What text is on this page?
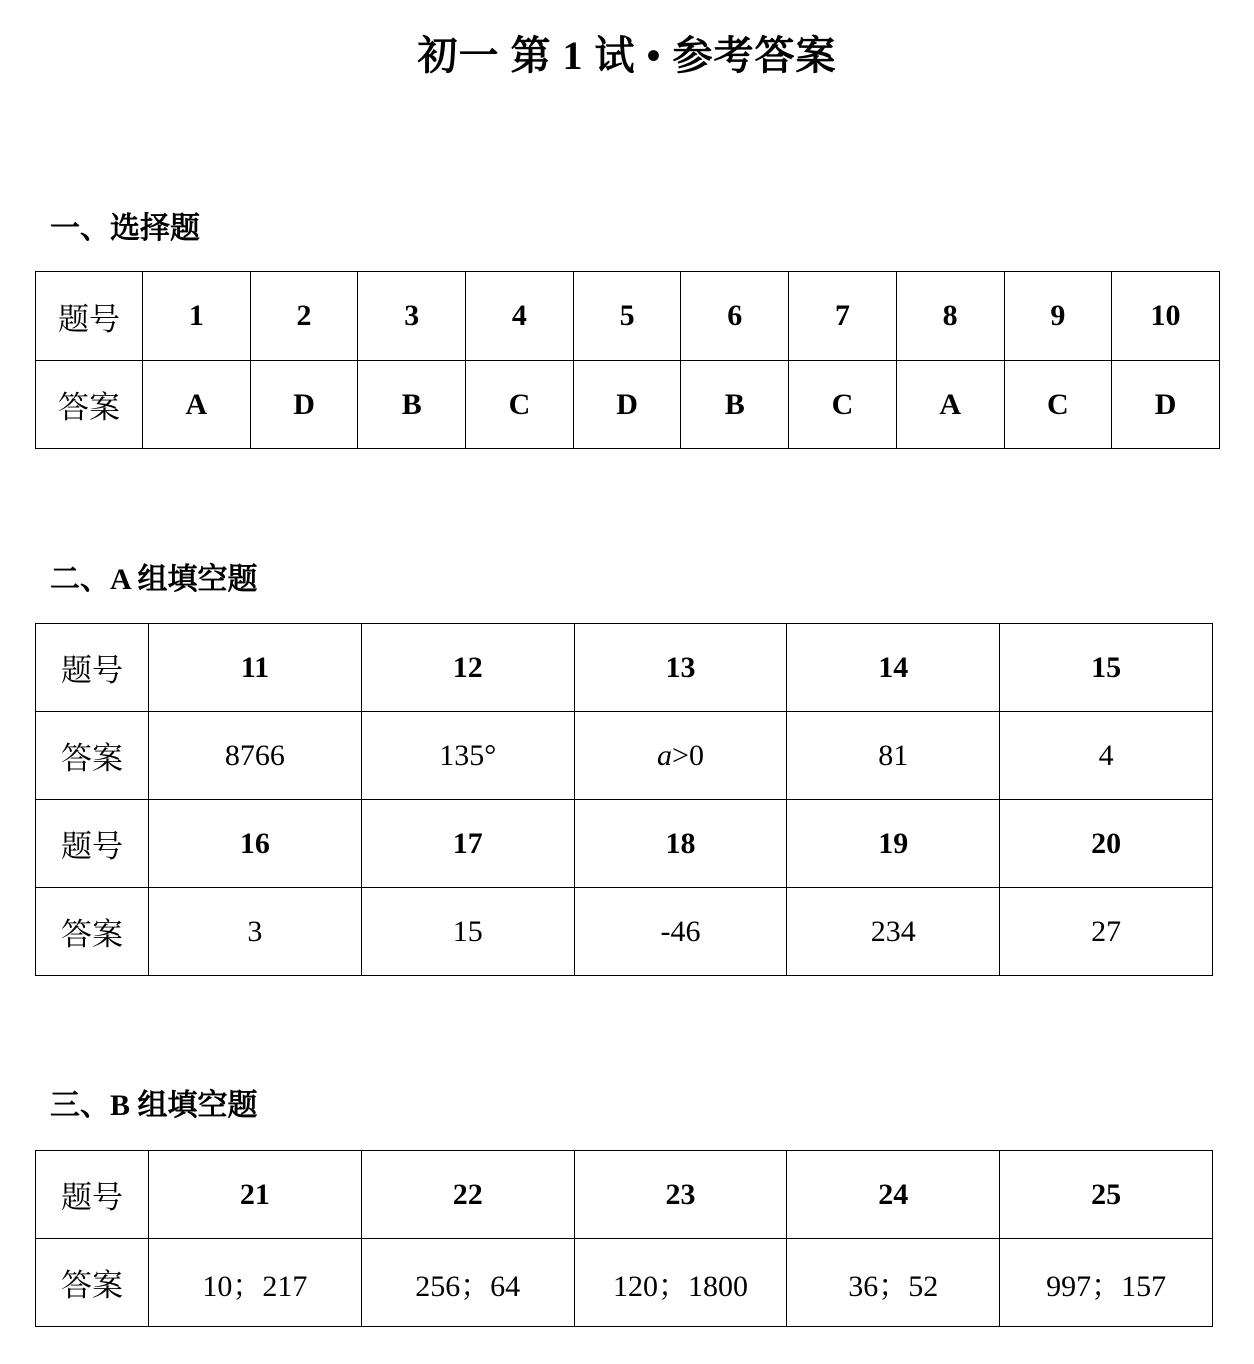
初一 第 1 试 • 参考答案
一、选择题
题号	1	2	3	4	5	6	7	8	9	10
答案	A	D	B	C	D	B	C	A	C	D
二、A 组填空题
题号	11	12	13	14	15
答案	8766	135°	a>0	81	4
题号	16	17	18	19	20
答案	3	15	-46	234	27
三、B 组填空题
题号	21	22	23	24	25
答案	10；217	256；64	120；1800	36；52	997；157
